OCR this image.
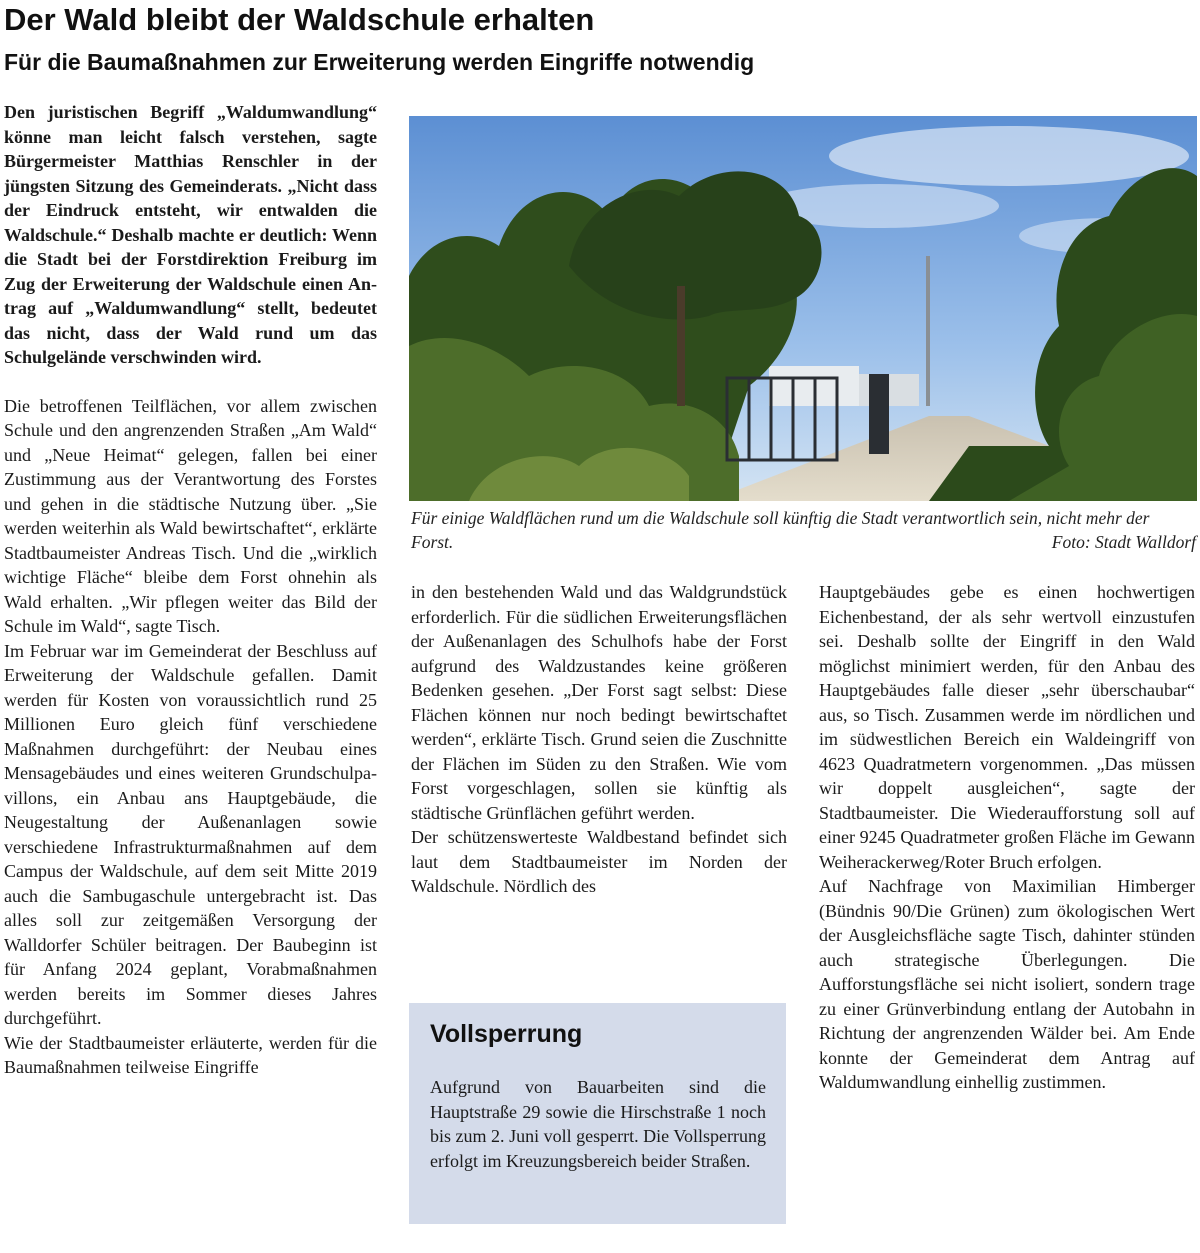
Der Wald bleibt der Waldschule erhalten
Für die Baumaßnahmen zur Erweiterung werden Eingriffe notwendig

Den juristischen Begriff „Waldumwandlung“ könne man leicht falsch verstehen, sagte Bürgermeister Matthias Renschler in der jüngsten Sitzung des Gemeinderats. „Nicht dass der Eindruck entsteht, wir entwalden die Waldschule.“ Deshalb machte er deutlich: Wenn die Stadt bei der Forstdirektion Freiburg im Zug der Erweiterung der Waldschule einen Antrag auf „Waldumwandlung“ stellt, bedeutet das nicht, dass der Wald rund um das Schulgelände verschwinden wird.

Die betroffenen Teilflächen, vor allem zwischen Schule und den angrenzenden Straßen „Am Wald“ und „Neue Heimat“ gelegen, fallen bei einer Zustimmung aus der Verantwortung des Forstes und gehen in die städtische Nutzung über. „Sie werden weiterhin als Wald bewirtschaftet“, erklärte Stadtbaumeister Andreas Tisch. Und die „wirklich wichtige Fläche“ bleibe dem Forst ohnehin als Wald erhalten. „Wir pflegen weiter das Bild der Schule im Wald“, sagte Tisch.

Im Februar war im Gemeinderat der Beschluss auf Erweiterung der Waldschule gefallen. Damit werden für Kosten von voraussichtlich rund 25 Millionen Euro gleich fünf verschiedene Maßnahmen durchgeführt: der Neubau eines Mensagebäudes und eines weiteren Grundschulpavillons, ein Anbau ans Hauptgebäude, die Neugestaltung der Außenanlagen sowie verschiedene Infrastrukturmaßnahmen auf dem Campus der Waldschule, auf dem seit Mitte 2019 auch die Sambugaschule untergebracht ist. Das alles soll zur zeitgemäßen Versorgung der Walldorfer Schüler beitragen. Der Baubeginn ist für Anfang 2024 geplant, Vorabmaßnahmen werden bereits im Sommer dieses Jahres durchgeführt.

Wie der Stadtbaumeister erläuterte, werden für die Baumaßnahmen teilweise Eingriffe

Für einige Waldflächen rund um die Waldschule soll künftig die Stadt verantwortlich sein, nicht mehr der Forst.	Foto: Stadt Walldorf

in den bestehenden Wald und das Waldgrundstück erforderlich. Für die südlichen Erweiterungsflächen der Außenanlagen des Schulhofs habe der Forst aufgrund des Waldzustandes keine größeren Bedenken gesehen. „Der Forst sagt selbst: Diese Flächen können nur noch bedingt bewirtschaftet werden“, erklärte Tisch. Grund seien die Zuschnitte der Flächen im Süden zu den Straßen. Wie vom Forst vorgeschlagen, sollen sie künftig als städtische Grünflächen geführt werden.

Der schützenswerteste Waldbestand befindet sich laut dem Stadtbaumeister im Norden der Waldschule. Nördlich des

Vollsperrung

Aufgrund von Bauarbeiten sind die Hauptstraße 29 sowie die Hirschstraße 1 noch bis zum 2. Juni voll gesperrt. Die Vollsperrung erfolgt im Kreuzungsbereich beider Straßen.

Hauptgebäudes gebe es einen hochwertigen Eichenbestand, der als sehr wertvoll einzustufen sei. Deshalb sollte der Eingriff in den Wald möglichst minimiert werden, für den Anbau des Hauptgebäudes falle dieser „sehr überschaubar“ aus, so Tisch. Zusammen werde im nördlichen und im südwestlichen Bereich ein Waldeingriff von 4623 Quadratmetern vorgenommen. „Das müssen wir doppelt ausgleichen“, sagte der Stadtbaumeister. Die Wiederaufforstung soll auf einer 9245 Quadratmeter großen Fläche im Gewann Weiherackerweg/Roter Bruch erfolgen.

Auf Nachfrage von Maximilian Himberger (Bündnis 90/Die Grünen) zum ökologischen Wert der Ausgleichsfläche sagte Tisch, dahinter stünden auch strategische Überlegungen. Die Aufforstungsfläche sei nicht isoliert, sondern trage zu einer Grünverbindung entlang der Autobahn in Richtung der angrenzenden Wälder bei. Am Ende konnte der Gemeinderat dem Antrag auf Waldumwandlung einhellig zustimmen.
